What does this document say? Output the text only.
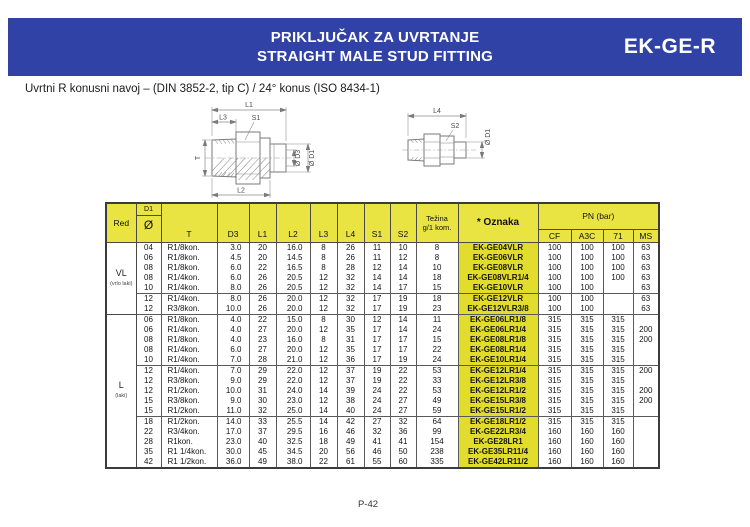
PRIKLJUČAK ZA UVRTANJE
STRAIGHT MALE STUD FITTING	EK-GE-R
Uvrtni R konusni navoj – (DIN 3852-2, tip C) / 24° konus (ISO 8434-1)
L1
L3	S1
T	Ø D3 Ø D1
L2
L4
S2
Ø D1
Red	
D1
Ø
	T	D3	L1	L2	L3	L4	S1	S2	
Težina
g/1 kom.	* Oznaka	PN (bar)
												CF	A3C	71	MS

VL
(vrlo laki)	04	R1/8kon.	3.0	20	16.0	8	26	11	10	8	EK-GE04VLR	100	100	100	63
	06	R1/8kon.	4.5	20	14.5	8	26	11	12	8	EK-GE06VLR	100	100	100	63
	08	R1/8kon.	6.0	22	16.5	8	28	12	14	10	EK-GE08VLR	100	100	100	63
	08	R1/4kon.	6.0	26	20.5	12	32	14	14	18	EK-GE08VLR1/4	100	100	100	63
	10	R1/4kon.	8.0	26	20.5	12	32	14	17	15	EK-GE10VLR	100	100		63
	12	R1/4kon.	8.0	26	20.0	12	32	17	19	18	EK-GE12VLR	100	100		63
	12	R3/8kon.	10.0	26	20.0	12	32	17	19	23	EK-GE12VLR3/8	100	100		63

L
(laki)	06	R1/8kon.	4.0	22	15.0	8	30	12	14	11	EK-GE06LR1/8	315	315	315	
	06	R1/4kon.	4.0	27	20.0	12	35	17	14	24	EK-GE06LR1/4	315	315	315	200
	08	R1/8kon.	4.0	23	16.0	8	31	17	17	15	EK-GE08LR1/8	315	315	315	200
	08	R1/4kon.	6.0	27	20.0	12	35	17	17	22	EK-GE08LR1/4	315	315	315	
	10	R1/4kon.	7.0	28	21.0	12	36	17	19	24	EK-GE10LR1/4	315	315	315	
	12	R1/4kon.	7.0	29	22.0	12	37	19	22	53	EK-GE12LR1/4	315	315	315	200
	12	R3/8kon.	9.0	29	22.0	12	37	19	22	33	EK-GE12LR3/8	315	315	315	
	12	R1/2kon.	10.0	31	24.0	14	39	24	22	53	EK-GE12LR1/2	315	315	315	200
	15	R3/8kon.	9.0	30	23.0	12	38	24	27	49	EK-GE15LR3/8	315	315	315	200
	15	R1/2kon.	11.0	32	25.0	14	40	24	27	59	EK-GE15LR1/2	315	315	315	
	18	R1/2kon.	14.0	33	25.5	14	42	27	32	64	EK-GE18LR1/2	315	315	315	
	22	R3/4kon.	17.0	37	29.5	16	46	32	36	99	EK-GE22LR3/4	160	160	160	
	28	R1kon.	23.0	40	32.5	18	49	41	41	154	EK-GE28LR1	160	160	160	
	35	R1 1/4kon.	30.0	45	34.5	20	56	46	50	238	EK-GE35LR11/4	160	160	160	
	42	R1 1/2kon.	36.0	49	38.0	22	61	55	60	335	EK-GE42LR11/2	160	160	160	
P-42
